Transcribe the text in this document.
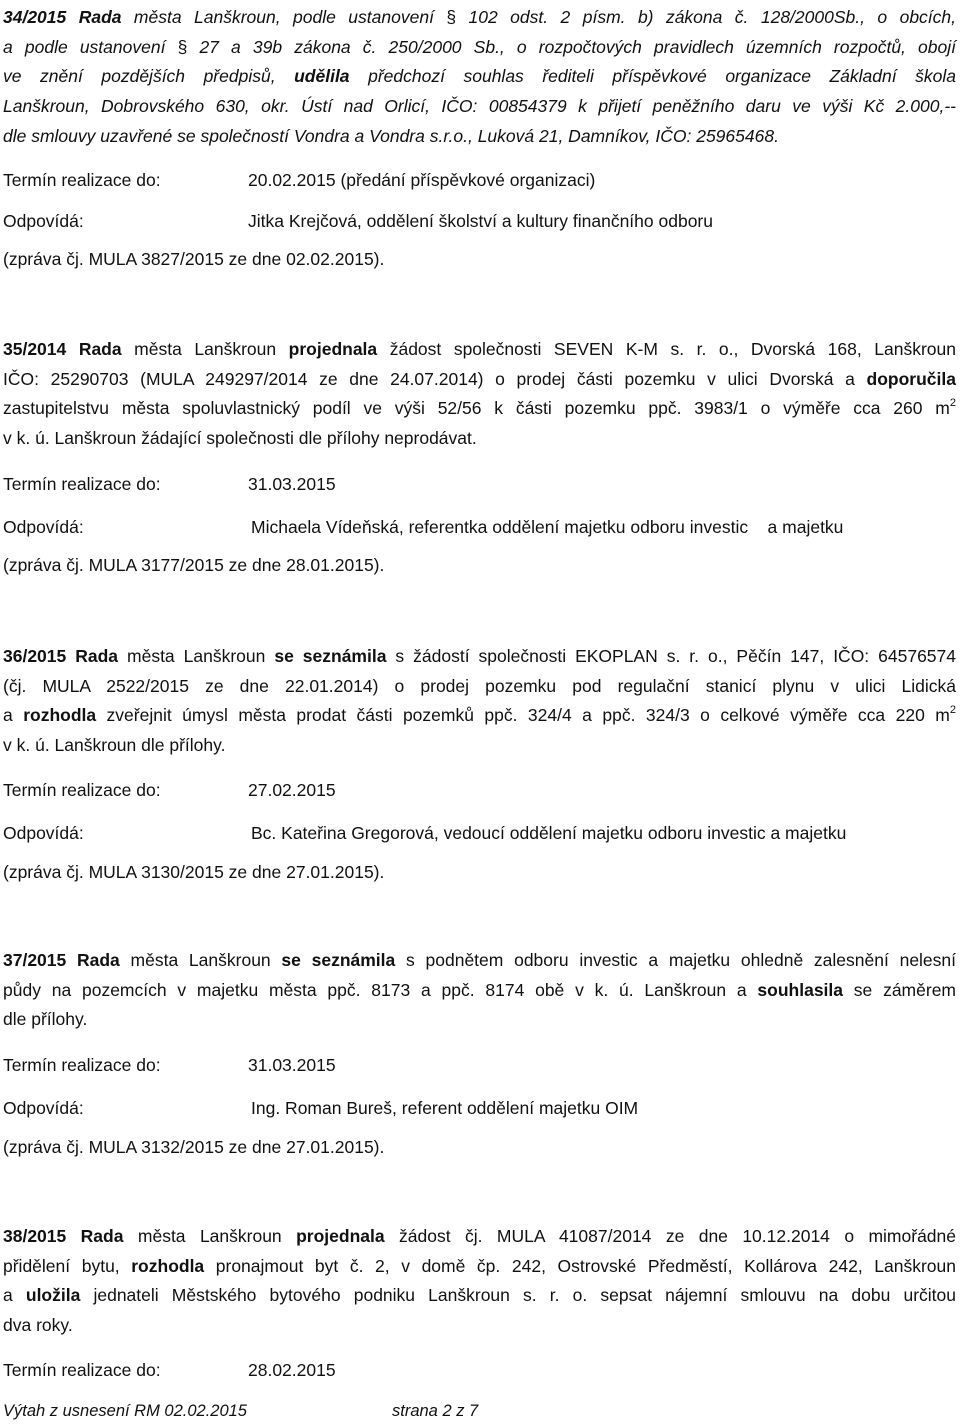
34/2015 Rada města Lanškroun, podle ustanovení § 102 odst. 2 písm. b) zákona č. 128/2000Sb., o obcích,
a podle ustanovení § 27 a 39b zákona č. 250/2000 Sb., o rozpočtových pravidlech územních rozpočtů, obojí
ve znění pozdějších předpisů, udělila předchozí souhlas řediteli příspěvkové organizace Základní škola
Lanškroun, Dobrovského 630, okr. Ústí nad Orlicí, IČO: 00854379 k přijetí peněžního daru ve výši Kč 2.000,--
dle smlouvy uzavřené se společností Vondra a Vondra s.r.o., Luková 21, Damníkov, IČO: 25965468.
Termín realizace do:	20.02.2015 (předání příspěvkové organizaci)
Odpovídá:	Jitka Krejčová, oddělení školství a kultury finančního odboru
(zpráva čj. MULA 3827/2015 ze dne 02.02.2015).
35/2014 Rada města Lanškroun projednala žádost společnosti SEVEN K-M s. r. o., Dvorská 168, Lanškroun
IČO: 25290703 (MULA 249297/2014 ze dne 24.07.2014) o prodej části pozemku v ulici Dvorská a doporučila
zastupitelstvu města spoluvlastnický podíl ve výši 52/56 k části pozemku ppč. 3983/1 o výměře cca 260 $m^2$
v k. ú. Lanškroun žádající společnosti dle přílohy neprodávat.
Termín realizace do:	31.03.2015
Odpovídá:	Michaela Vídeňská, referentka oddělení majetku odboru investic    a majetku
(zpráva čj. MULA 3177/2015 ze dne 28.01.2015).
36/2015 Rada města Lanškroun se seznámila s žádostí společnosti EKOPLAN s. r. o., Pěčín 147, IČO: 64576574
(čj. MULA 2522/2015 ze dne 22.01.2014) o prodej pozemku pod regulační stanicí plynu v ulici Lidická
a rozhodla zveřejnit úmysl města prodat části pozemků ppč. 324/4 a ppč. 324/3 o celkové výměře cca 220 $m^2$
v k. ú. Lanškroun dle přílohy.
Termín realizace do:	27.02.2015
Odpovídá:	Bc. Kateřina Gregorová, vedoucí oddělení majetku odboru investic a majetku
(zpráva čj. MULA 3130/2015 ze dne 27.01.2015).
37/2015 Rada města Lanškroun se seznámila s podnětem odboru investic a majetku ohledně zalesnění nelesní
půdy na pozemcích v majetku města ppč. 8173 a ppč. 8174 obě v k. ú. Lanškroun a souhlasila se záměrem
dle přílohy.
Termín realizace do:	31.03.2015
Odpovídá:	Ing. Roman Bureš, referent oddělení majetku OIM
(zpráva čj. MULA 3132/2015 ze dne 27.01.2015).
38/2015 Rada města Lanškroun projednala žádost čj. MULA 41087/2014 ze dne 10.12.2014 o mimořádné
přidělení bytu, rozhodla pronajmout byt č. 2, v domě čp. 242, Ostrovské Předměstí, Kollárova 242, Lanškroun
a uložila jednateli Městského bytového podniku Lanškroun s. r. o. sepsat nájemní smlouvu na dobu určitou
dva roky.
Termín realizace do:	28.02.2015
Výtah z usnesení RM 02.02.2015	strana 2 z 7
